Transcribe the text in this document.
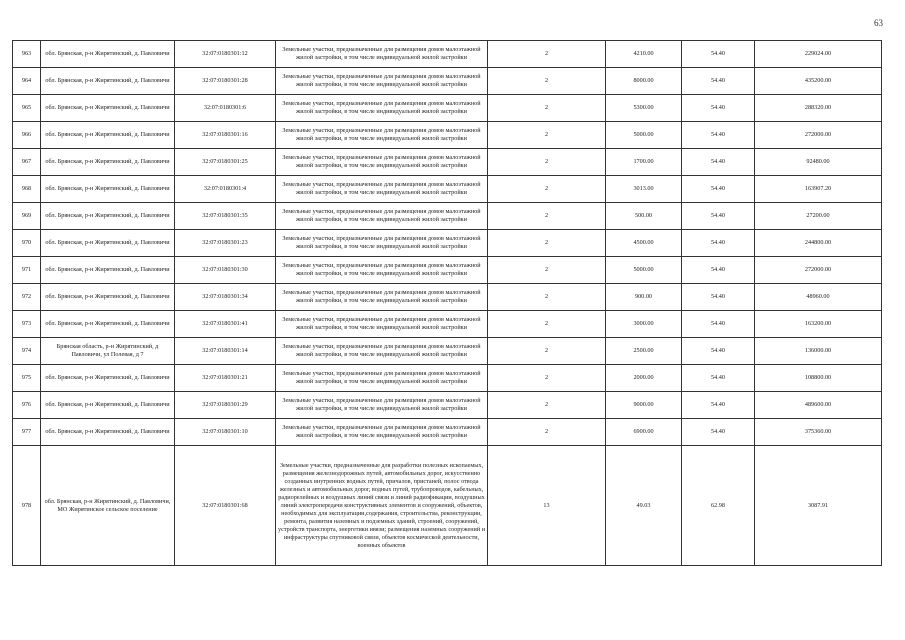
63
963	обл. Брянская, р-н Жирятинский, д. Павловичи	32:07:0180301:12	Земельные участки, предназначенные для размещения домов малоэтажной жилой застройки, в том числе индивидуальной жилой застройки	2	4210.00	54.40	229024.00
964	обл. Брянская, р-н Жирятинский, д. Павловичи	32:07:0180301:28	Земельные участки, предназначенные для размещения домов малоэтажной жилой застройки, в том числе индивидуальной жилой застройки	2	8000.00	54.40	435200.00
965	обл. Брянская, р-н Жирятинский, д. Павловичи	32:07:0180301:6	Земельные участки, предназначенные для размещения домов малоэтажной жилой застройки, в том числе индивидуальной жилой застройки	2	5300.00	54.40	288320.00
966	обл. Брянская, р-н Жирятинский, д. Павловичи	32:07:0180301:16	Земельные участки, предназначенные для размещения домов малоэтажной жилой застройки, в том числе индивидуальной жилой застройки	2	5000.00	54.40	272000.00
967	обл. Брянская, р-н Жирятинский, д. Павловичи	32:07:0180301:25	Земельные участки, предназначенные для размещения домов малоэтажной жилой застройки, в том числе индивидуальной жилой застройки	2	1700.00	54.40	92480.00
968	обл. Брянская, р-н Жирятинский, д. Павловичи	32:07:0180301:4	Земельные участки, предназначенные для размещения домов малоэтажной жилой застройки, в том числе индивидуальной жилой застройки	2	3013.00	54.40	163907.20
969	обл. Брянская, р-н Жирятинский, д. Павловичи	32:07:0180301:35	Земельные участки, предназначенные для размещения домов малоэтажной жилой застройки, в том числе индивидуальной жилой застройки	2	500.00	54.40	27200.00
970	обл. Брянская, р-н Жирятинский, д. Павловичи	32:07:0180301:23	Земельные участки, предназначенные для размещения домов малоэтажной жилой застройки, в том числе индивидуальной жилой застройки	2	4500.00	54.40	244800.00
971	обл. Брянская, р-н Жирятинский, д. Павловичи	32:07:0180301:30	Земельные участки, предназначенные для размещения домов малоэтажной жилой застройки, в том числе индивидуальной жилой застройки	2	5000.00	54.40	272000.00
972	обл. Брянская, р-н Жирятинский, д. Павловичи	32:07:0180301:34	Земельные участки, предназначенные для размещения домов малоэтажной жилой застройки, в том числе индивидуальной жилой застройки	2	900.00	54.40	48960.00
973	обл. Брянская, р-н Жирятинский, д. Павловичи	32:07:0180301:41	Земельные участки, предназначенные для размещения домов малоэтажной жилой застройки, в том числе индивидуальной жилой застройки	2	3000.00	54.40	163200.00
974	Брянская область, р-н Жирятинский, д Павловичи, ул Полевая, д 7	32:07:0180301:14	Земельные участки, предназначенные для размещения домов малоэтажной жилой застройки, в том числе индивидуальной жилой застройки	2	2500.00	54.40	136000.00
975	обл. Брянская, р-н Жирятинский, д. Павловичи	32:07:0180301:21	Земельные участки, предназначенные для размещения домов малоэтажной жилой застройки, в том числе индивидуальной жилой застройки	2	2000.00	54.40	108800.00
976	обл. Брянская, р-н Жирятинский, д. Павловичи	32:07:0180301:29	Земельные участки, предназначенные для размещения домов малоэтажной жилой застройки, в том числе индивидуальной жилой застройки	2	9000.00	54.40	489600.00
977	обл. Брянская, р-н Жирятинский, д. Павловичи	32:07:0180301:10	Земельные участки, предназначенные для размещения домов малоэтажной жилой застройки, в том числе индивидуальной жилой застройки	2	6900.00	54.40	375360.00
978	обл. Брянская, р-н Жирятинский, д. Павловичи, МО Жирятинское сельское поселение	32:07:0180301:68	Земельные участки, предназначенные для разработки полезных ископаемых, размещения железнодорожных путей, автомобильных дорог, искусственно созданных внутренних водных путей, причалов, пристаней, полос отвода железных и автомобильных дорог, водных путей, трубопроводов, кабельных, радиорелейных и воздушных линий связи и линий радиофикации, воздушных линий электропередачи конструктивных элементов и сооружений, объектов, необходимых для эксплуатации,содержания, строительства, реконструкции, ремонта, развития наземных и подземных зданий, строений, сооружений, устройств транспорта, энергетики ивязи; размещения наземных сооружений и инфраструктуры спутниковой связи, объектов космической деятельности, военных объектов	13	49.03	62.98	3087.91
